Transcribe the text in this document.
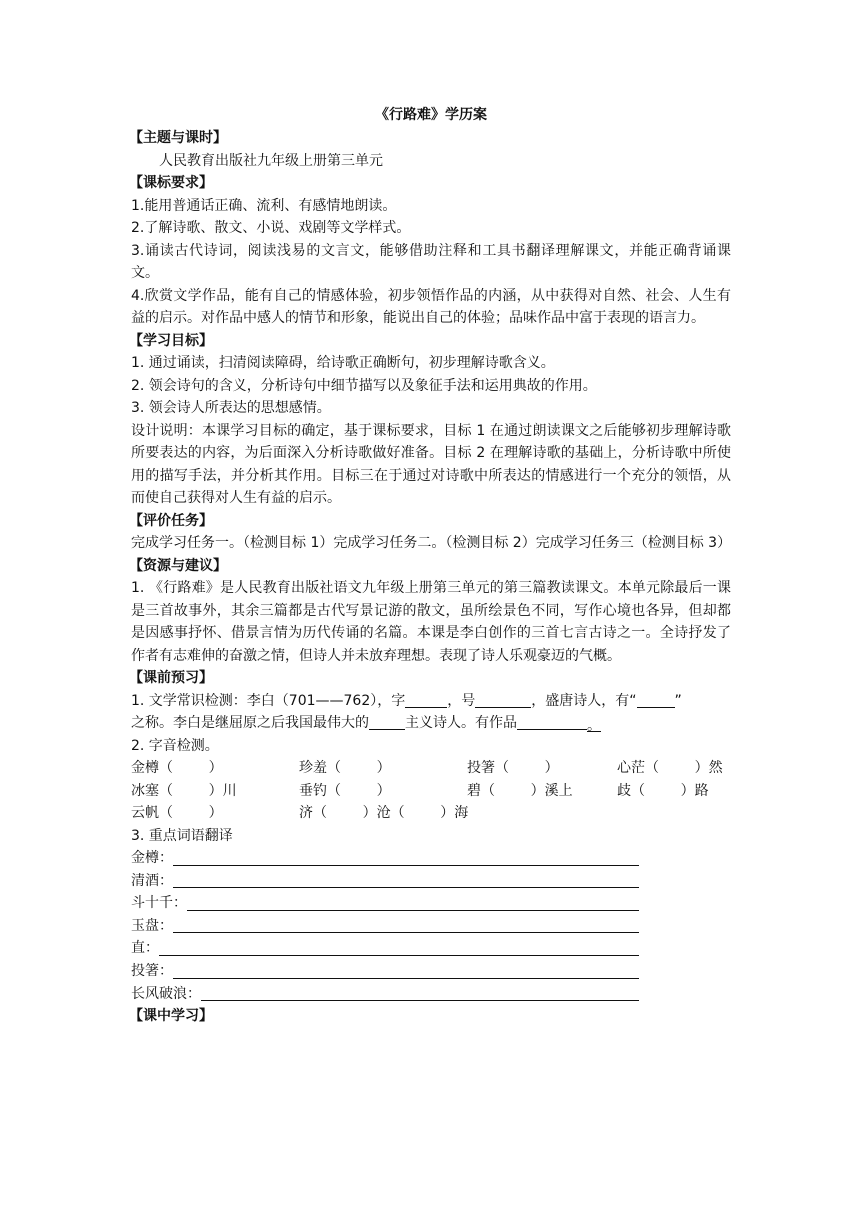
《行路难》学历案

【主题与课时】

人民教育出版社九年级上册第三单元

【课标要求】

1.能用普通话正确、流利、有感情地朗读。

2.了解诗歌、散文、小说、戏剧等文学样式。

3.诵读古代诗词，阅读浅易的文言文，能够借助注释和工具书翻译理解课文，并能正确背诵课文。

4.欣赏文学作品，能有自己的情感体验，初步领悟作品的内涵，从中获得对自然、社会、人生有益的启示。对作品中感人的情节和形象，能说出自己的体验；品味作品中富于表现的语言力。

【学习目标】

1. 通过诵读，扫清阅读障碍，给诗歌正确断句，初步理解诗歌含义。

2. 领会诗句的含义，分析诗句中细节描写以及象征手法和运用典故的作用。

3. 领会诗人所表达的思想感情。

设计说明：本课学习目标的确定，基于课标要求，目标 1 在通过朗读课文之后能够初步理解诗歌所要表达的内容，为后面深入分析诗歌做好准备。目标 2 在理解诗歌的基础上，分析诗歌中所使用的描写手法，并分析其作用。目标三在于通过对诗歌中所表达的情感进行一个充分的领悟，从而使自己获得对人生有益的启示。

【评价任务】

完成学习任务一。（检测目标 1）完成学习任务二。（检测目标 2）完成学习任务三（检测目标 3）

【资源与建议】

1. 《行路难》是人民教育出版社语文九年级上册第三单元的第三篇教读课文。本单元除最后一课是三首故事外，其余三篇都是古代写景记游的散文，虽所绘景色不同，写作心境也各异，但却都是因感事抒怀、借景言情为历代传诵的名篇。本课是李白创作的三首七言古诗之一。全诗抒发了作者有志难伸的奋激之情，但诗人并未放弃理想。表现了诗人乐观豪迈的气概。

【课前预习】

1. 文学常识检测：李白（701——762），字	，号	，盛唐诗人，有“	”
之称。李白是继屈原之后我国最伟大的	主义诗人。有作品	。

2. 字音检测。

金樽（        ）	珍羞（        ）	投箸（        ）	心茫（        ）然
冰塞（        ）川	垂钓（        ）	碧（        ）溪上	歧（        ）路
云帆（        ）	济（        ）沧（        ）海

3. 重点词语翻译

金樽：
清酒：
斗十千：
玉盘：
直：
投箸：
长风破浪：

【课中学习】
